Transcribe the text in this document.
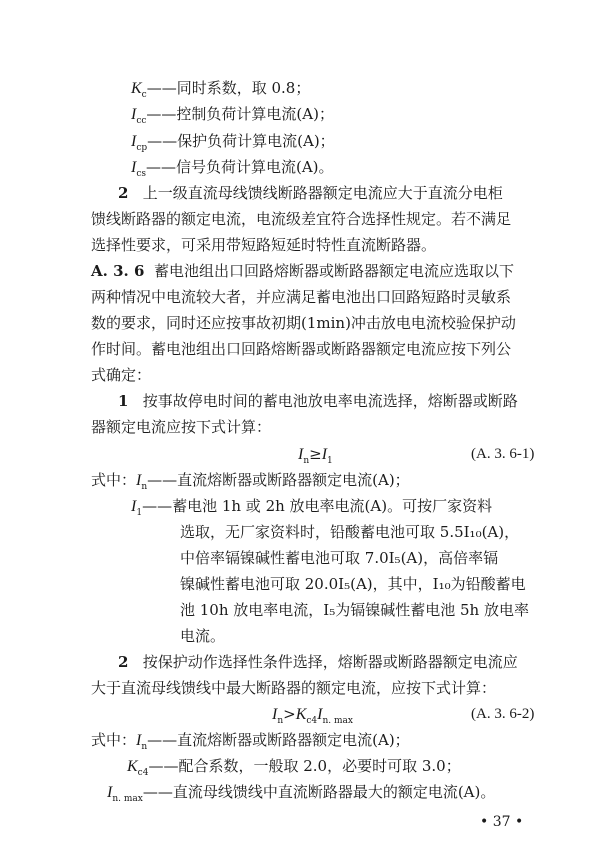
$K_c——$同时系数，取 0.8；
$I_{cc}——$控制负荷计算电流(A)；
$I_{cp}——$保护负荷计算电流(A)；
$I_{cs}——$信号负荷计算电流(A)。
2 上一级直流母线馈线断路器额定电流应大于直流分电柜
馈线断路器的额定电流，电流级差宜符合选择性规定。若不满足
选择性要求，可采用带短路短延时特性直流断路器。
A. 3. 6 蓄电池组出口回路熔断器或断路器额定电流应选取以下
两种情况中电流较大者，并应满足蓄电池出口回路短路时灵敏系
数的要求，同时还应按事故初期(1min)冲击放电电流校验保护动
作时间。蓄电池组出口回路熔断器或断路器额定电流应按下列公
式确定：
1 按事故停电时间的蓄电池放电率电流选择，熔断器或断路
器额定电流应按下式计算：
$I_n\ge I_1$	(A. 3. 6-1)
式中：$I_n——$直流熔断器或断路器额定电流(A)；
$I_1——$蓄电池 1h 或 2h 放电率电流(A)。可按厂家资料
选取，无厂家资料时，铅酸蓄电池可取 5.5I₁₀(A)，
中倍率镉镍碱性蓄电池可取 7.0I₅(A)，高倍率镉
镍碱性蓄电池可取 20.0I₅(A)，其中，I₁₀为铅酸蓄电
池 10h 放电率电流，I₅为镉镍碱性蓄电池 5h 放电率
电流。
2 按保护动作选择性条件选择，熔断器或断路器额定电流应
大于直流母线馈线中最大断路器的额定电流，应按下式计算：
$I_n>K_{c4}I_{n. max}$	(A. 3. 6-2)
式中：$I_n——$直流熔断器或断路器额定电流(A)；
$K_{c4}——$配合系数，一般取 2.0，必要时可取 3.0；
$I_{n. max}——$直流母线馈线中直流断路器最大的额定电流(A)。
• 37 •
